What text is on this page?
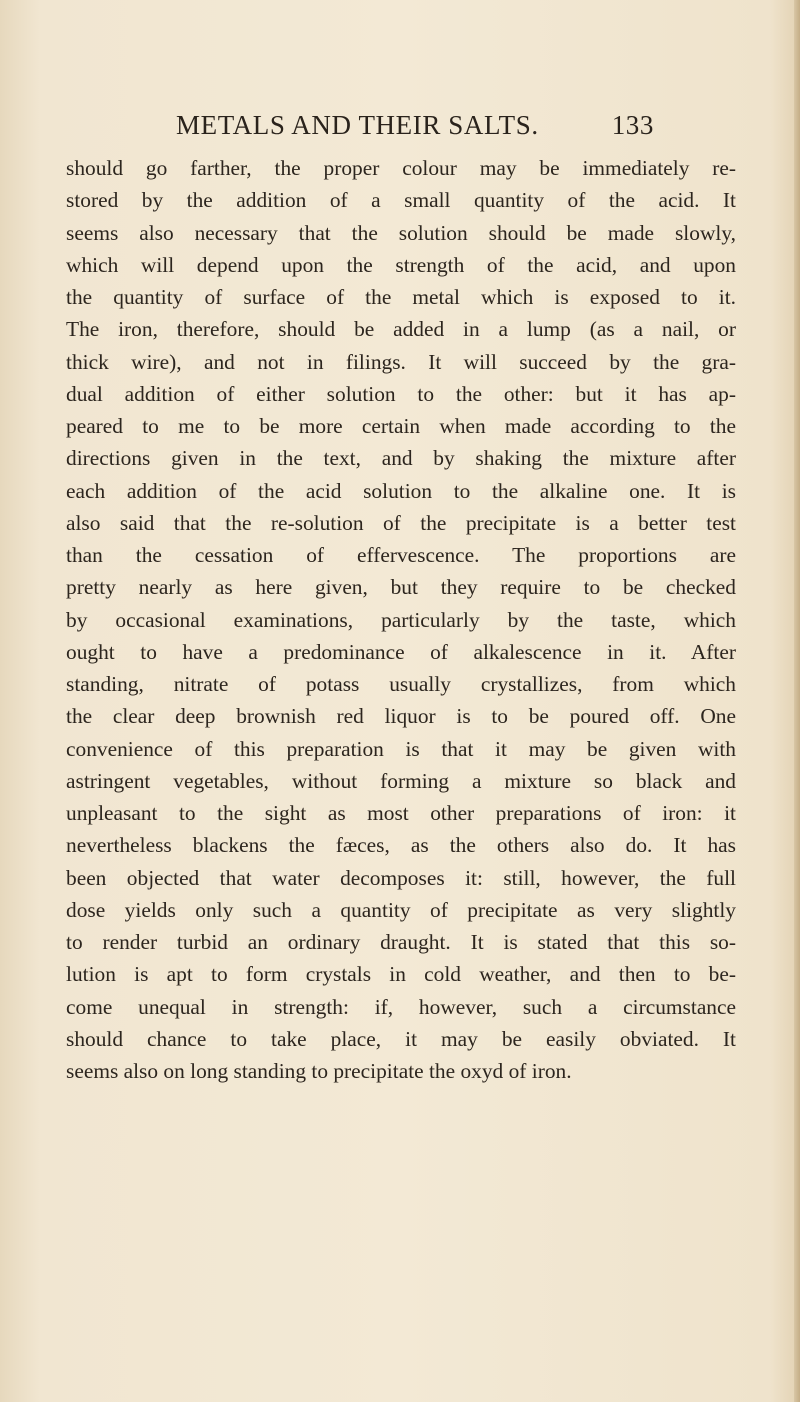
METALS AND THEIR SALTS.	133
should go farther, the proper colour may be immediately re-
stored by the addition of a small quantity of the acid. It
seems also necessary that the solution should be made slowly,
which will depend upon the strength of the acid, and upon
the quantity of surface of the metal which is exposed to it.
The iron, therefore, should be added in a lump (as a nail, or
thick wire), and not in filings. It will succeed by the gra-
dual addition of either solution to the other: but it has ap-
peared to me to be more certain when made according to the
directions given in the text, and by shaking the mixture after
each addition of the acid solution to the alkaline one. It is
also said that the re-solution of the precipitate is a better test
than the cessation of effervescence. The proportions are
pretty nearly as here given, but they require to be checked
by occasional examinations, particularly by the taste, which
ought to have a predominance of alkalescence in it. After
standing, nitrate of potass usually crystallizes, from which
the clear deep brownish red liquor is to be poured off. One
convenience of this preparation is that it may be given with
astringent vegetables, without forming a mixture so black and
unpleasant to the sight as most other preparations of iron: it
nevertheless blackens the fæces, as the others also do. It has
been objected that water decomposes it: still, however, the full
dose yields only such a quantity of precipitate as very slightly
to render turbid an ordinary draught. It is stated that this so-
lution is apt to form crystals in cold weather, and then to be-
come unequal in strength: if, however, such a circumstance
should chance to take place, it may be easily obviated. It
seems also on long standing to precipitate the oxyd of iron.
